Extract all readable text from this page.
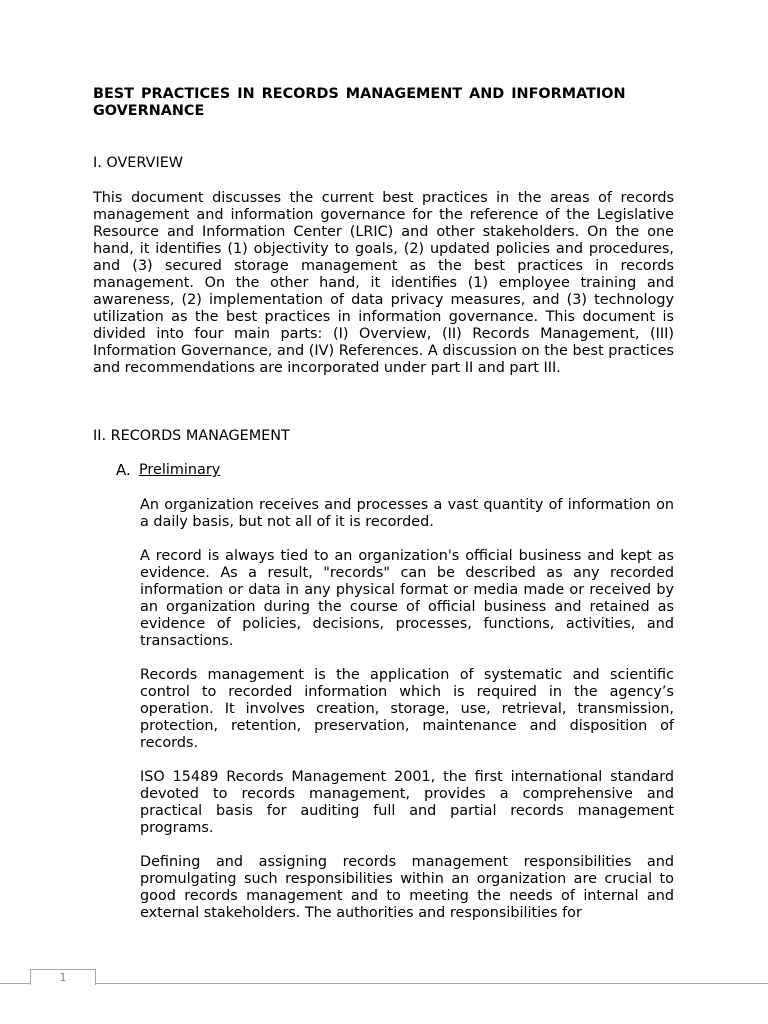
BEST PRACTICES IN RECORDS MANAGEMENT AND INFORMATION GOVERNANCE

I. OVERVIEW

This document discusses the current best practices in the areas of records management and information governance for the reference of the Legislative Resource and Information Center (LRIC) and other stakeholders. On the one hand, it identifies (1) objectivity to goals, (2) updated policies and procedures, and (3) secured storage management as the best practices in records management. On the other hand, it identifies (1) employee training and awareness, (2) implementation of data privacy measures, and (3) technology utilization as the best practices in information governance. This document is divided into four main parts: (I) Overview, (II) Records Management, (III) Information Governance, and (IV) References. A discussion on the best practices and recommendations are incorporated under part II and part III.

II. RECORDS MANAGEMENT

A. Preliminary

An organization receives and processes a vast quantity of information on a daily basis, but not all of it is recorded.

A record is always tied to an organization's official business and kept as evidence. As a result, "records" can be described as any recorded information or data in any physical format or media made or received by an organization during the course of official business and retained as evidence of policies, decisions, processes, functions, activities, and transactions.

Records management is the application of systematic and scientific control to recorded information which is required in the agency’s operation. It involves creation, storage, use, retrieval, transmission, protection, retention, preservation, maintenance and disposition of records.

ISO 15489 Records Management 2001, the first international standard devoted to records management, provides a comprehensive and practical basis for auditing full and partial records management programs.

Defining and assigning records management responsibilities and promulgating such responsibilities within an organization are crucial to good records management and to meeting the needs of internal and external stakeholders. The authorities and responsibilities for

1
